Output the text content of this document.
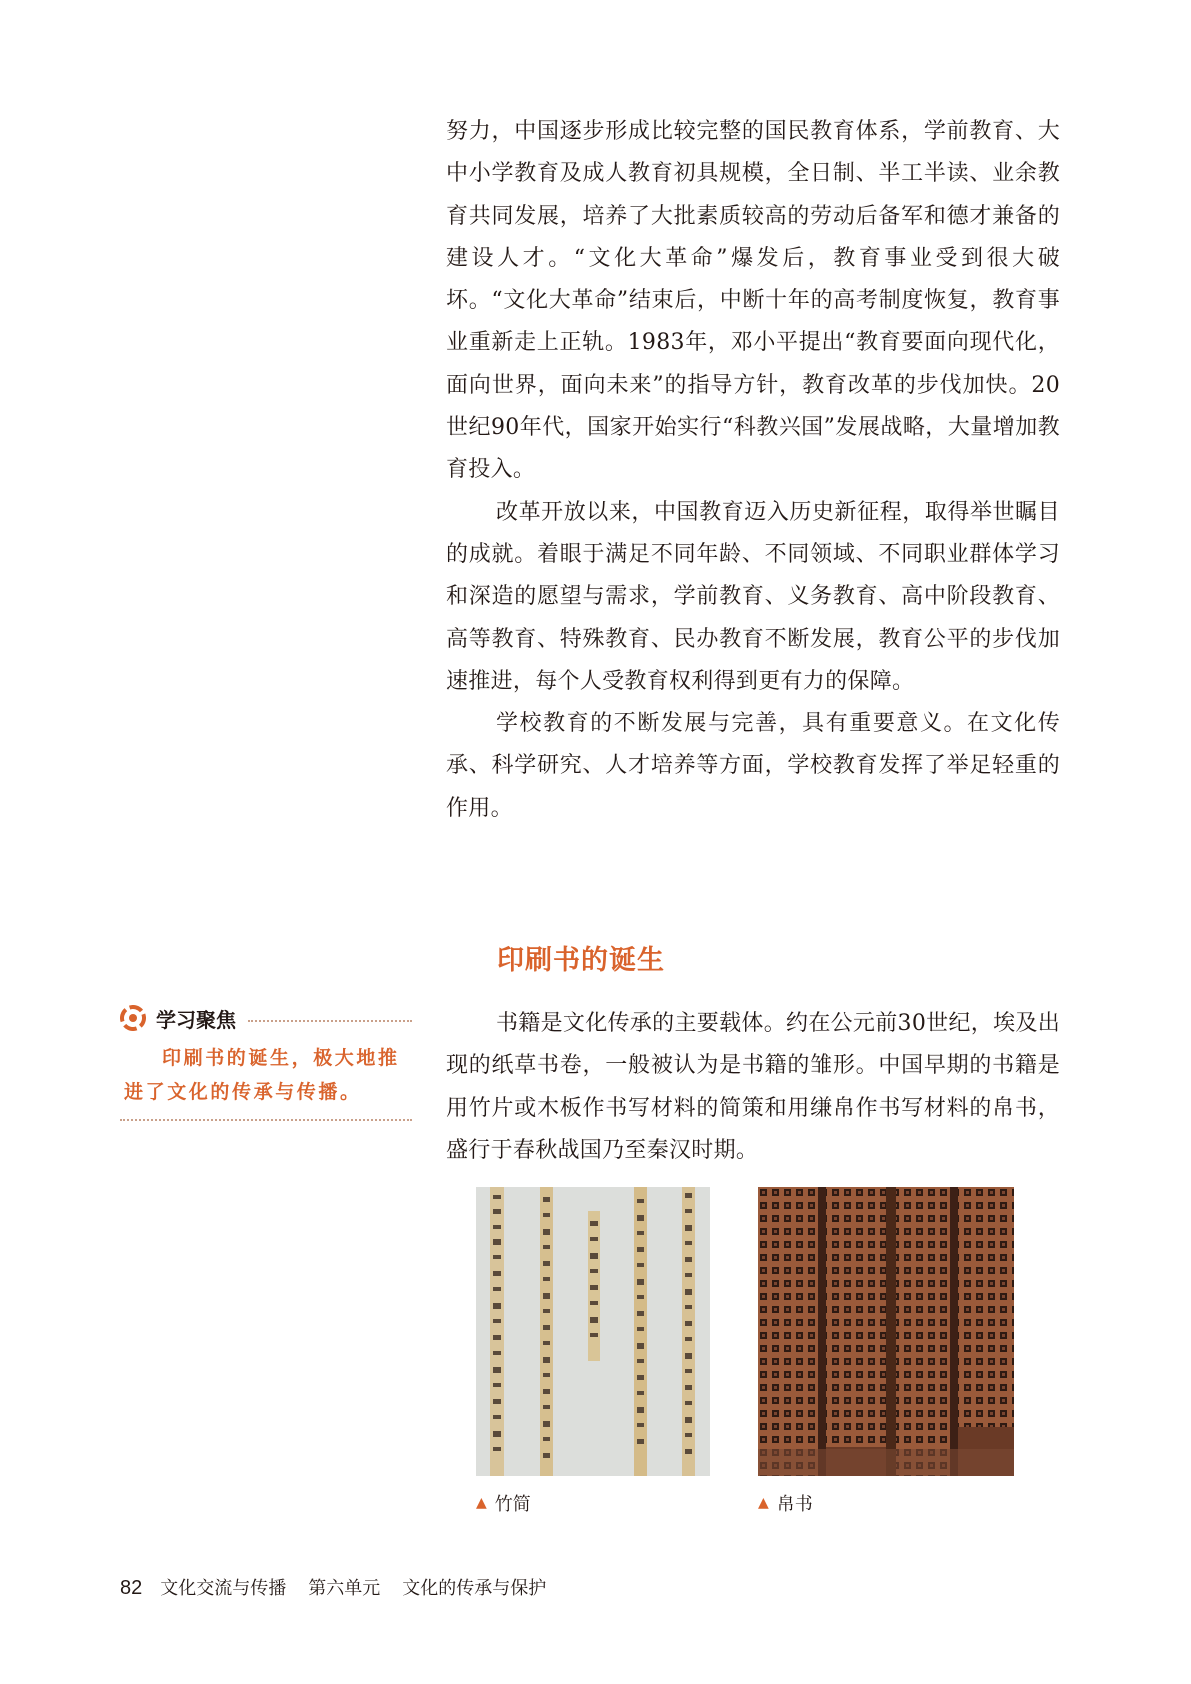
努力，中国逐步形成比较完整的国民教育体系，学前教育、大中小学教育及成人教育初具规模，全日制、半工半读、业余教育共同发展，培养了大批素质较高的劳动后备军和德才兼备的建设人才。“文化大革命”爆发后，教育事业受到很大破坏。“文化大革命”结束后，中断十年的高考制度恢复，教育事业重新走上正轨。1983年，邓小平提出“教育要面向现代化，面向世界，面向未来”的指导方针，教育改革的步伐加快。20世纪90年代，国家开始实行“科教兴国”发展战略，大量增加教育投入。

改革开放以来，中国教育迈入历史新征程，取得举世瞩目的成就。着眼于满足不同年龄、不同领域、不同职业群体学习和深造的愿望与需求，学前教育、义务教育、高中阶段教育、高等教育、特殊教育、民办教育不断发展，教育公平的步伐加速推进，每个人受教育权利得到更有力的保障。

学校教育的不断发展与完善，具有重要意义。在文化传承、科学研究、人才培养等方面，学校教育发挥了举足轻重的作用。

印刷书的诞生
学习聚焦

印刷书的诞生，极大地推进了文化的传承与传播。

书籍是文化传承的主要载体。约在公元前30世纪，埃及出现的纸草书卷，一般被认为是书籍的雏形。中国早期的书籍是用竹片或木板作书写材料的简策和用缣帛作书写材料的帛书，盛行于春秋战国乃至秦汉时期。

▲ 竹简	▲ 帛书
82 文化交流与传播 第六单元 文化的传承与保护
